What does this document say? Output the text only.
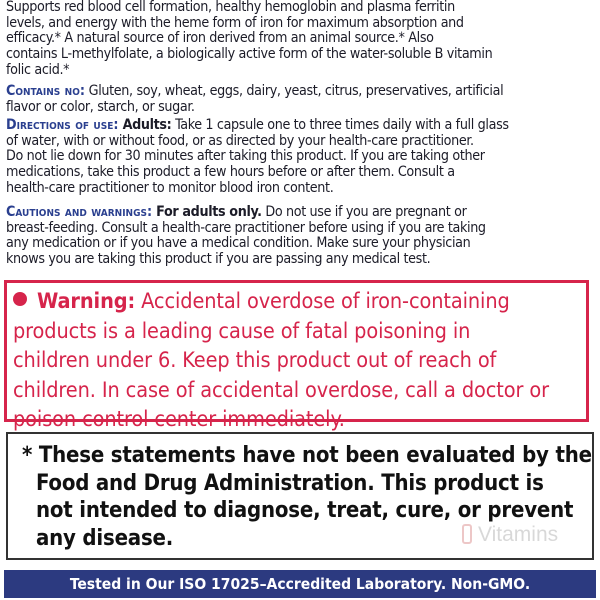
Supports red blood cell formation, healthy hemoglobin and plasma ferritin
levels, and energy with the heme form of iron for maximum absorption and
efficacy.* A natural source of iron derived from an animal source.* Also
contains L-methylfolate, a biologically active form of the water-soluble B vitamin
folic acid.*
Contains no: Gluten, soy, wheat, eggs, dairy, yeast, citrus, preservatives, artificial
flavor or color, starch, or sugar.
Directions of use: Adults: Take 1 capsule one to three times daily with a full glass
of water, with or without food, or as directed by your health-care practitioner.
Do not lie down for 30 minutes after taking this product. If you are taking other
medications, take this product a few hours before or after them. Consult a
health-care practitioner to monitor blood iron content.
Cautions and warnings: For adults only. Do not use if you are pregnant or
breast-feeding. Consult a health-care practitioner before using if you are taking
any medication or if you have a medical condition. Make sure your physician
knows you are taking this product if you are passing any medical test.
Warning: Accidental overdose of iron-containing
products is a leading cause of fatal poisoning in
children under 6. Keep this product out of reach of
children. In case of accidental overdose, call a doctor or
poison control center immediately.
* These statements have not been evaluated by the
Food and Drug Administration. This product is
not intended to diagnose, treat, cure, or prevent
any disease.	Vitamins
Tested in Our ISO 17025–Accredited Laboratory. Non-GMO.
